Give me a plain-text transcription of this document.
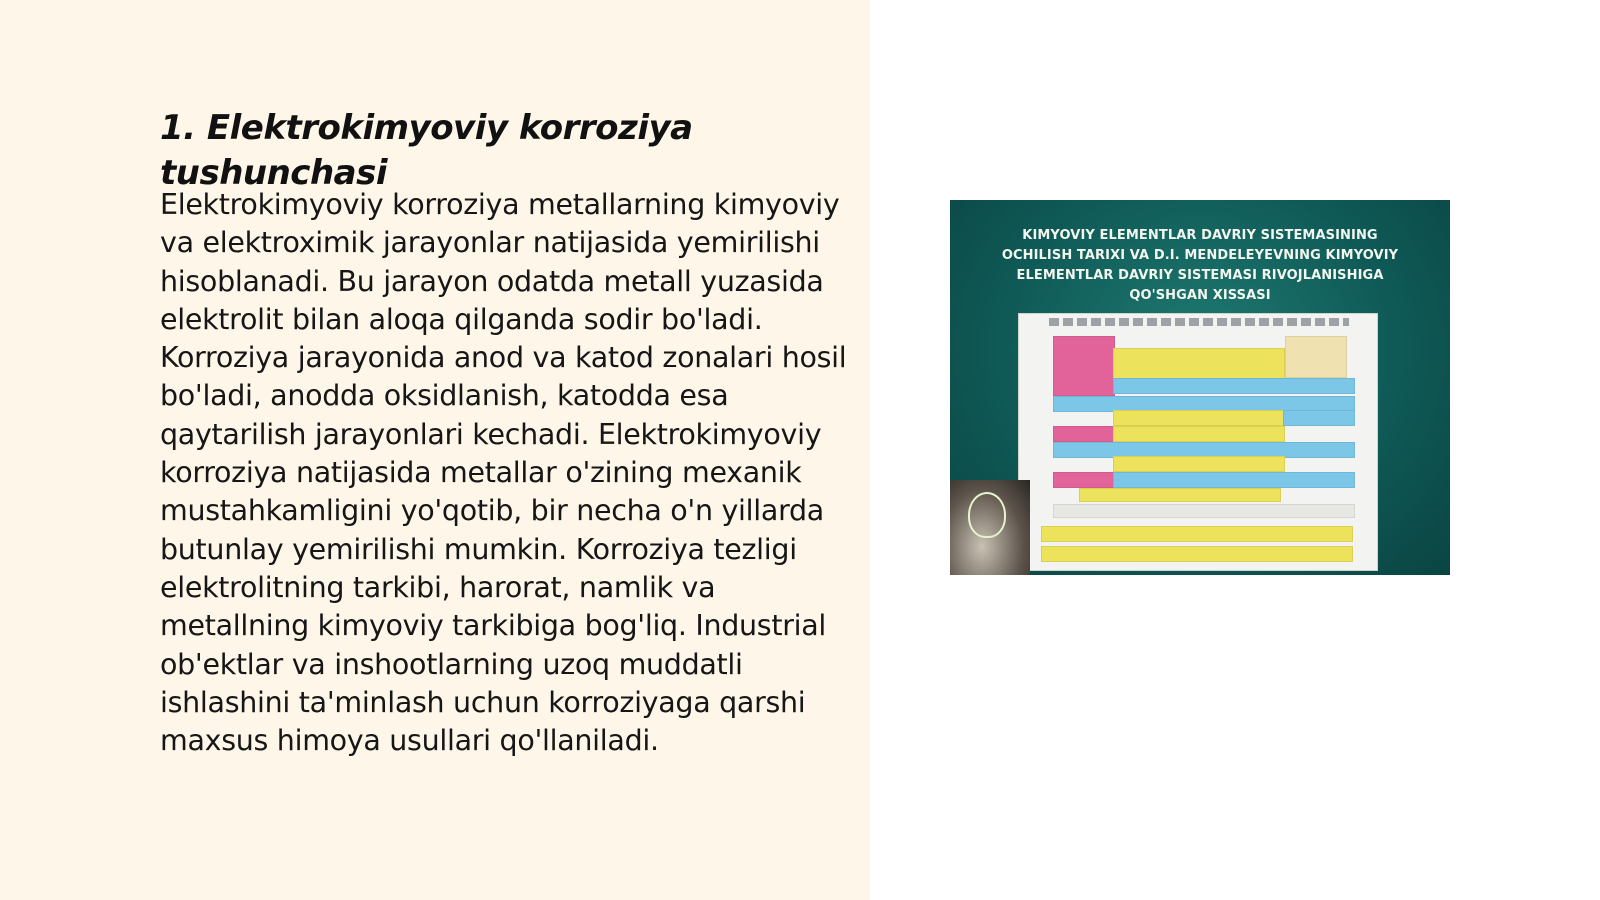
1. Elektrokimyoviy korroziya tushunchasi

Elektrokimyoviy korroziya metallarning kimyoviy va elektroximik jarayonlar natijasida yemirilishi hisoblanadi. Bu jarayon odatda metall yuzasida elektrolit bilan aloqa qilganda sodir bo'ladi. Korroziya jarayonida anod va katod zonalari hosil bo'ladi, anodda oksidlanish, katodda esa qaytarilish jarayonlari kechadi. Elektrokimyoviy korroziya natijasida metallar o'zining mexanik mustahkamligini yo'qotib, bir necha o'n yillarda butunlay yemirilishi mumkin. Korroziya tezligi elektrolitning tarkibi, harorat, namlik va metallning kimyoviy tarkibiga bog'liq. Industrial ob'ektlar va inshootlarning uzoq muddatli ishlashini ta'minlash uchun korroziyaga qarshi maxsus himoya usullari qo'llaniladi.

KIMYOVIY ELEMENTLAR DAVRIY SISTEMASINING OCHILISH TARIXI VA D.I. MENDELEYEVNING KIMYOVIY ELEMENTLAR DAVRIY SISTEMASI RIVOJLANISHIGA QO'SHGAN XISSASI
